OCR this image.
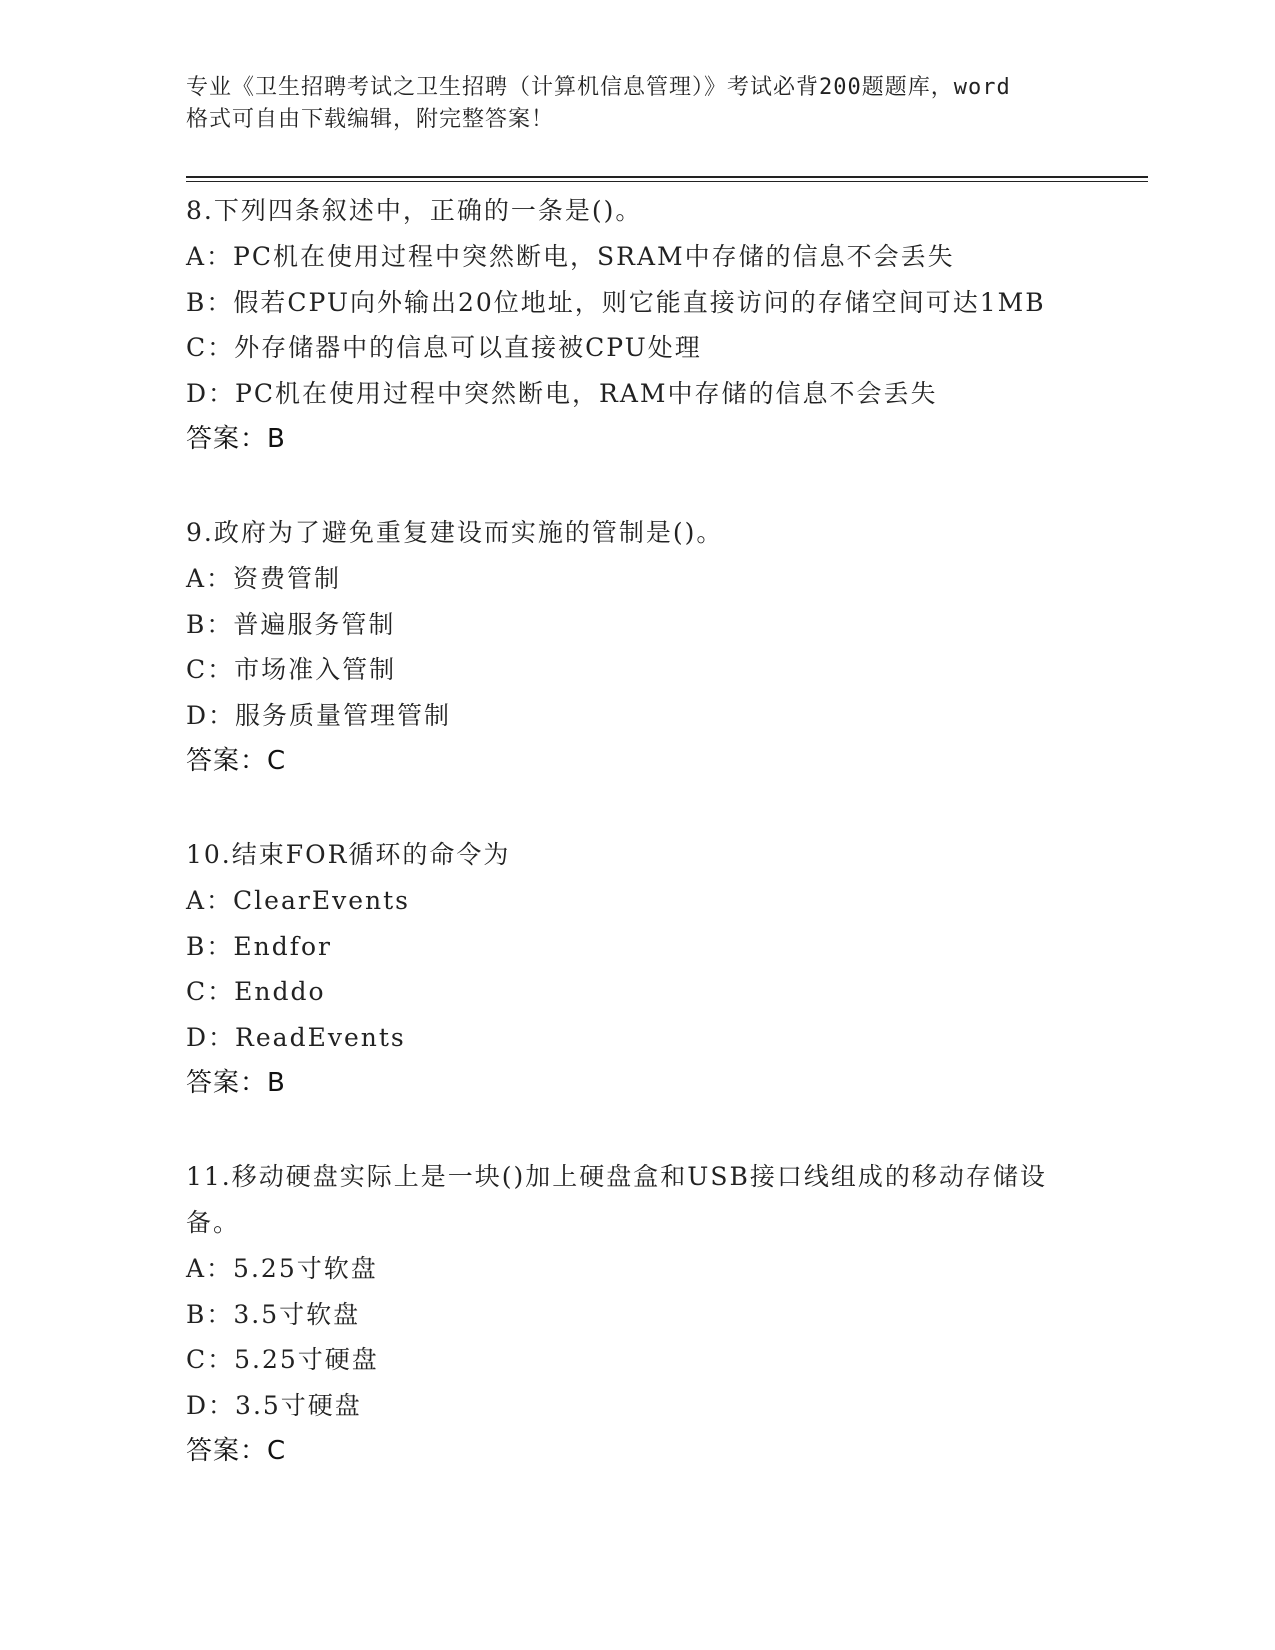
专业《卫生招聘考试之卫生招聘（计算机信息管理）》考试必背200题题库，word
格式可自由下载编辑，附完整答案！

8.下列四条叙述中，正确的一条是()。

A：PC机在使用过程中突然断电，SRAM中存储的信息不会丢失

B：假若CPU向外输出20位地址，则它能直接访问的存储空间可达1MB

C：外存储器中的信息可以直接被CPU处理

D：PC机在使用过程中突然断电，RAM中存储的信息不会丢失

答案：B

9.政府为了避免重复建设而实施的管制是()。

A：资费管制

B：普遍服务管制

C：市场准入管制

D：服务质量管理管制

答案：C

10.结束FOR循环的命令为

A：ClearEvents

B：Endfor

C：Enddo

D：ReadEvents

答案：B

11.移动硬盘实际上是一块()加上硬盘盒和USB接口线组成的移动存储设备。

A：5.25寸软盘

B：3.5寸软盘

C：5.25寸硬盘

D：3.5寸硬盘

答案：C
